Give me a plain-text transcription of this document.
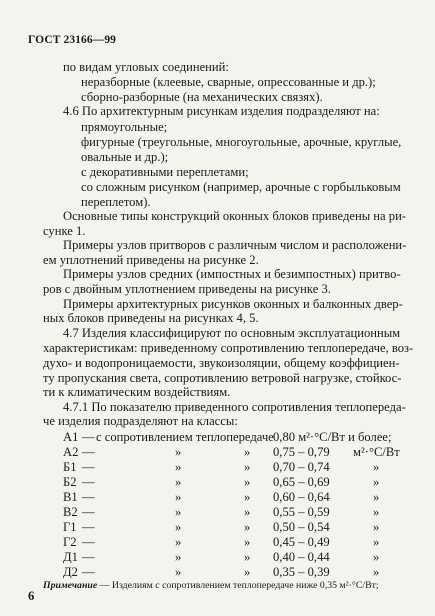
ГОСТ 23166—99
по видам угловых соединений:
неразборные (клеевые, сварные, опрессованные и др.);
сборно-разборные (на механических связях).
4.6 По архитектурным рисункам изделия подразделяют на:
прямоугольные;
фигурные (треугольные, многоугольные, арочные, круглые,
овальные и др.);
с декоративными переплетами;
со сложным рисунком (например, арочные с горбыльковым
переплетом).
Основные типы конструкций оконных блоков приведены на ри-
сунке 1.
Примеры узлов притворов с различным числом и расположени-
ем уплотнений приведены на рисунке 2.
Примеры узлов средних (импостных и безимпостных) притво-
ров с двойным уплотнением приведены на рисунке 3.
Примеры архитектурных рисунков оконных и балконных двер-
ных блоков приведены на рисунках 4, 5.
4.7 Изделия классифицируют по основным эксплуатационным
характеристикам: приведенному сопротивлению теплопередаче, воз-
духо- и водопроницаемости, звукоизоляции, общему коэффициен-
ту пропускания света, сопротивлению ветровой нагрузке, стойкос-
ти к климатическим воздействиям.
4.7.1 По показателю приведенного сопротивления теплопереда-
че изделия подразделяют на классы:
А1 — с сопротивлением теплопередаче 0,80 м²·°С/Вт и более;
А2 —	»	» 0,75 – 0,79 м²·°С/Вт
Б1 —	»	» 0,70 – 0,74	»
Б2 —	»	» 0,65 – 0,69	»
В1 —	»	» 0,60 – 0,64	»
В2 —	»	» 0,55 – 0,59	»
Г1 —	»	» 0,50 – 0,54	»
Г2 —	»	» 0,45 – 0,49	»
Д1 —	»	» 0,40 – 0,44	»
Д2 —	»	» 0,35 – 0,39	»
Примечание — Изделиям с сопротивлением теплопередаче ниже 0,35 м²·°С/Вт;
6
